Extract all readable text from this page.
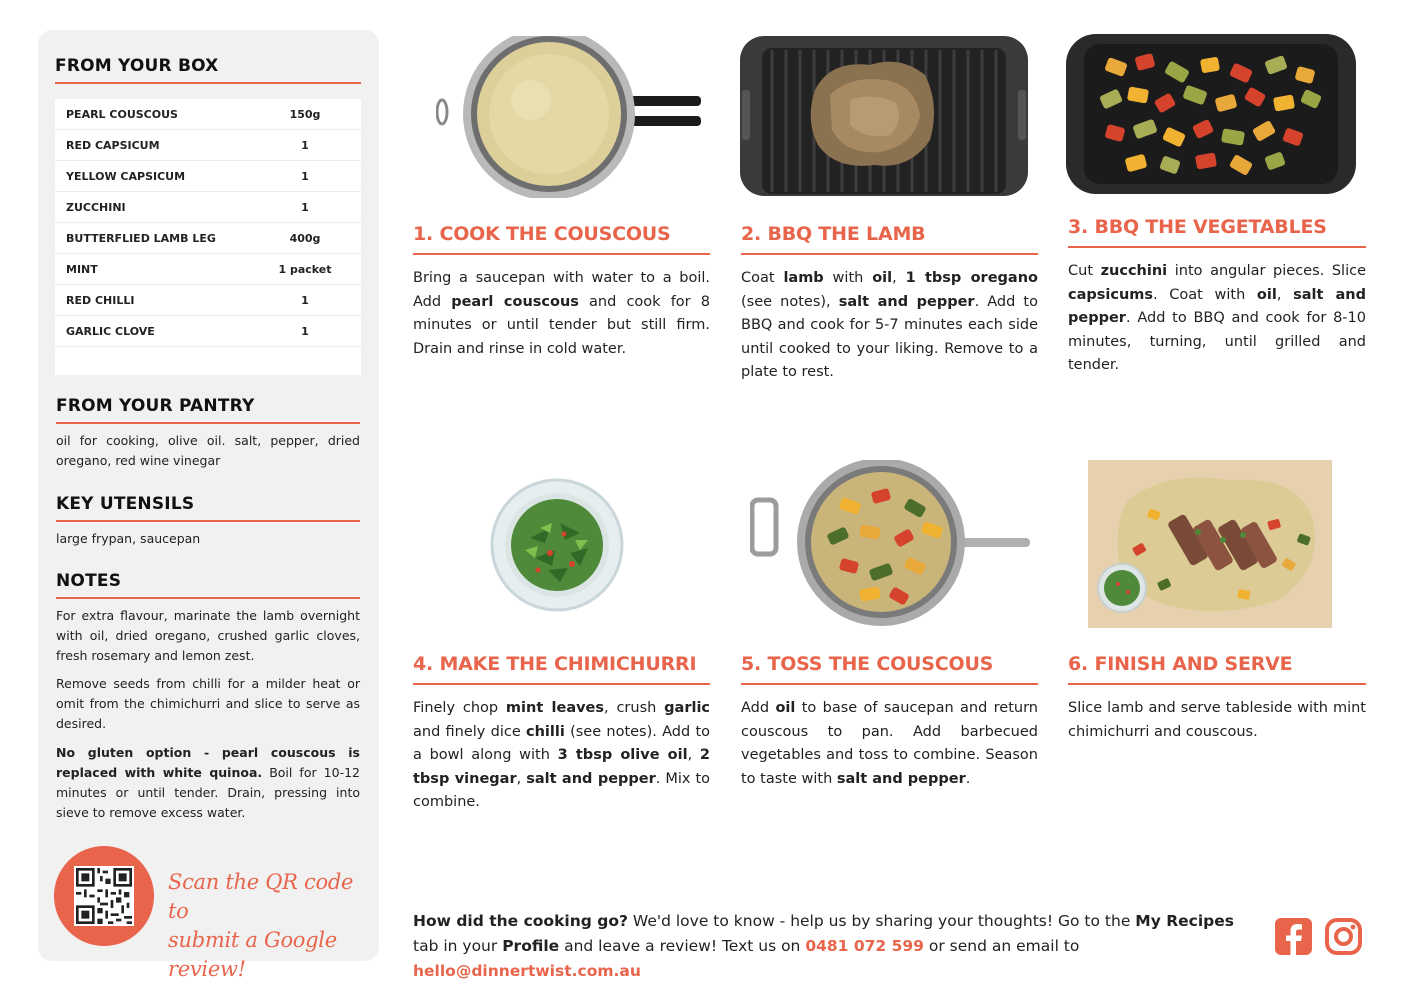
FROM YOUR BOX
PEARL COUSCOUS	150g
RED CAPSICUM	1
YELLOW CAPSICUM	1
ZUCCHINI	1
BUTTERFLIED LAMB LEG	400g
MINT	1 packet
RED CHILLI	1
GARLIC CLOVE	1
FROM YOUR PANTRY
oil for cooking, olive oil. salt, pepper, dried oregano, red wine vinegar
KEY UTENSILS
large frypan, saucepan
NOTES
For extra flavour, marinate the lamb overnight with oil, dried oregano, crushed garlic cloves, fresh rosemary and lemon zest.
Remove seeds from chilli for a milder heat or omit from the chimichurri and slice to serve as desired.
No gluten option - pearl couscous is replaced with white quinoa. Boil for 10-12 minutes or until tender. Drain, pressing into sieve to remove excess water.
Scan the QR code to
submit a Google review!
1. COOK THE COUSCOUS
Bring a saucepan with water to a boil. Add pearl couscous and cook for 8 minutes or until tender but still firm. Drain and rinse in cold water.
2. BBQ THE LAMB
Coat lamb with oil, 1 tbsp oregano (see notes), salt and pepper. Add to BBQ and cook for 5-7 minutes each side until cooked to your liking. Remove to a plate to rest.
3. BBQ THE VEGETABLES
Cut zucchini into angular pieces. Slice capsicums. Coat with oil, salt and pepper. Add to BBQ and cook for 8-10 minutes, turning, until grilled and tender.
4. MAKE THE CHIMICHURRI
Finely chop mint leaves, crush garlic and finely dice chilli (see notes). Add to a bowl along with 3 tbsp olive oil, 2 tbsp vinegar, salt and pepper. Mix to combine.
5. TOSS THE COUSCOUS
Add oil to base of saucepan and return couscous to pan. Add barbecued vegetables and toss to combine. Season to taste with salt and pepper.
6. FINISH AND SERVE
Slice lamb and serve tableside with mint chimichurri and couscous.
How did the cooking go? We'd love to know - help us by sharing your thoughts! Go to the My Recipes tab in your Profile and leave a review! Text us on 0481 072 599 or send an email to hello@dinnertwist.com.au
